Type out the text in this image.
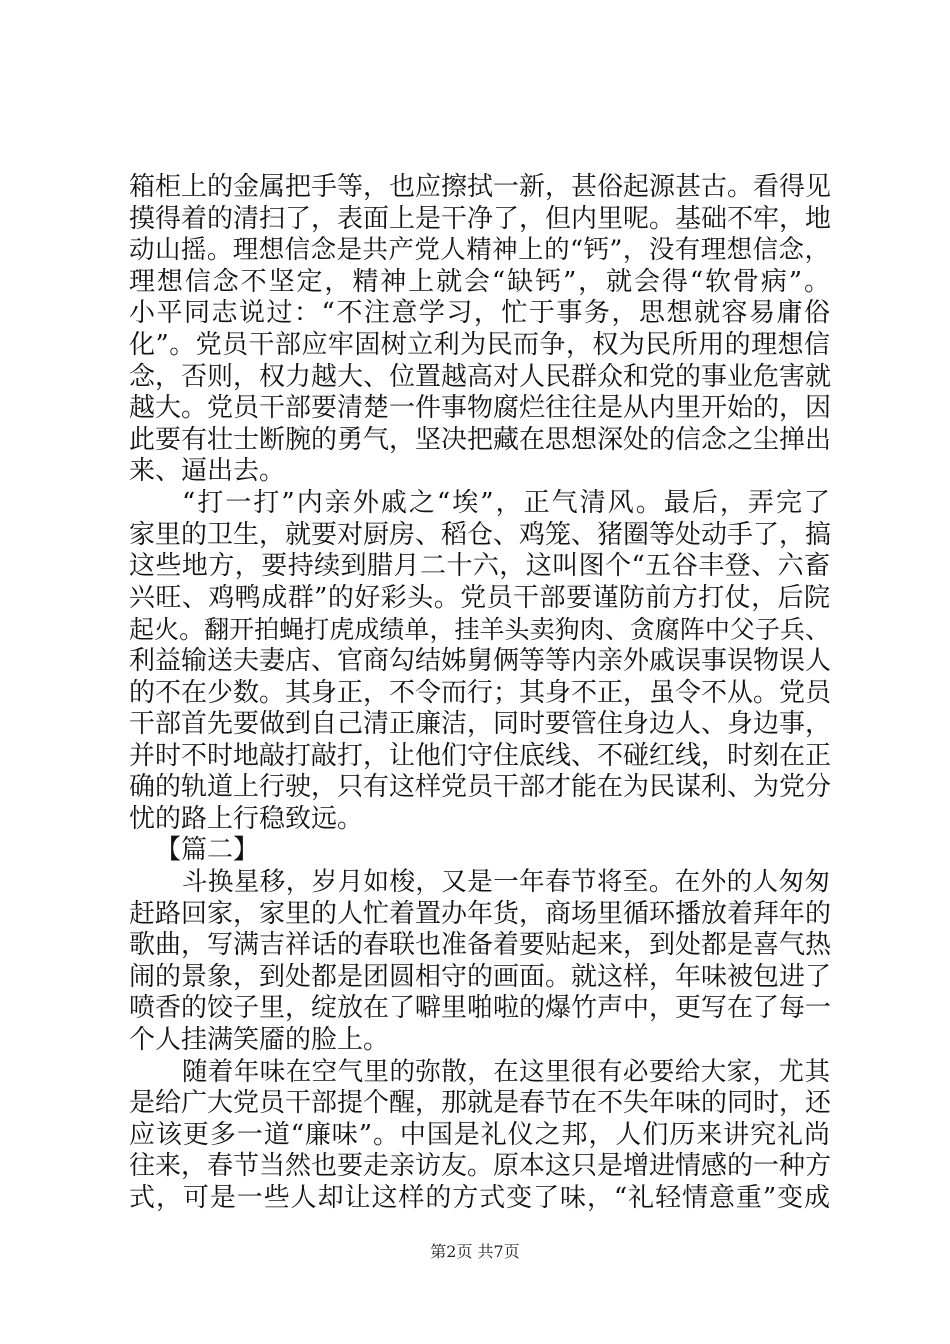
箱柜上的金属把手等，也应擦拭一新，甚俗起源甚古。看得见
摸得着的清扫了，表面上是干净了，但内里呢。基础不牢，地
动山摇。理想信念是共产党人精神上的“钙”，没有理想信念，
理想信念不坚定，精神上就会“缺钙”，就会得“软骨病”。
小平同志说过：“不注意学习，忙于事务，思想就容易庸俗
化”。党员干部应牢固树立利为民而争，权为民所用的理想信
念，否则，权力越大、位置越高对人民群众和党的事业危害就
越大。党员干部要清楚一件事物腐烂往往是从内里开始的，因
此要有壮士断腕的勇气，坚决把藏在思想深处的信念之尘掸出
来、逼出去。
“打一打”内亲外戚之“埃”，正气清风。最后，弄完了
家里的卫生，就要对厨房、稻仓、鸡笼、猪圈等处动手了，搞
这些地方，要持续到腊月二十六，这叫图个“五谷丰登、六畜
兴旺、鸡鸭成群”的好彩头。党员干部要谨防前方打仗，后院
起火。翻开拍蝇打虎成绩单，挂羊头卖狗肉、贪腐阵中父子兵、
利益输送夫妻店、官商勾结姊舅俩等等内亲外戚误事误物误人
的不在少数。其身正，不令而行；其身不正，虽令不从。党员
干部首先要做到自己清正廉洁，同时要管住身边人、身边事，
并时不时地敲打敲打，让他们守住底线、不碰红线，时刻在正
确的轨道上行驶，只有这样党员干部才能在为民谋利、为党分
忧的路上行稳致远。
【篇二】
斗换星移，岁月如梭，又是一年春节将至。在外的人匆匆
赶路回家，家里的人忙着置办年货，商场里循环播放着拜年的
歌曲，写满吉祥话的春联也准备着要贴起来，到处都是喜气热
闹的景象，到处都是团圆相守的画面。就这样，年味被包进了
喷香的饺子里，绽放在了噼里啪啦的爆竹声中，更写在了每一
个人挂满笑靥的脸上。
随着年味在空气里的弥散，在这里很有必要给大家，尤其
是给广大党员干部提个醒，那就是春节在不失年味的同时，还
应该更多一道“廉味”。中国是礼仪之邦，人们历来讲究礼尚
往来，春节当然也要走亲访友。原本这只是增进情感的一种方
式，可是一些人却让这样的方式变了味，“礼轻情意重”变成
第2页 共7页
